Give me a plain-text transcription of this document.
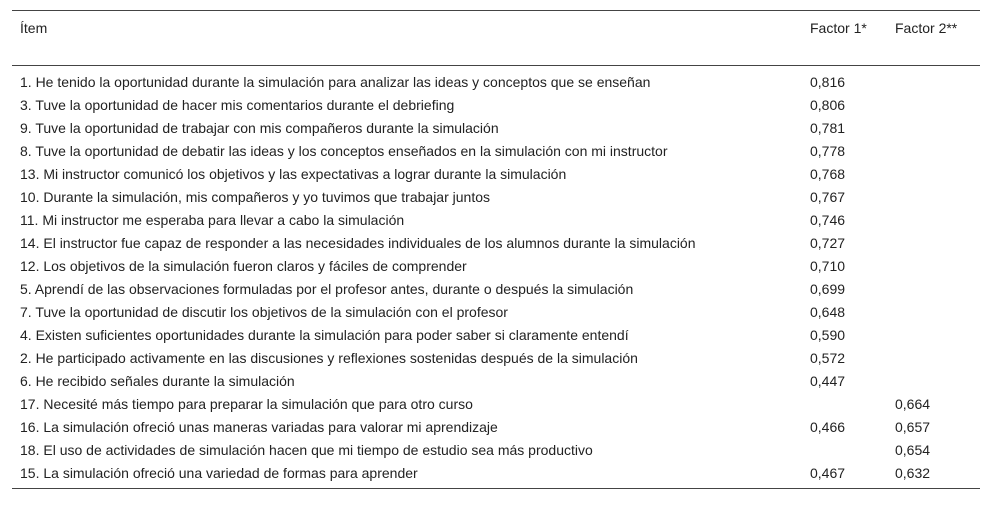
Ítem	Factor 1*	Factor 2**
1. He tenido la oportunidad durante la simulación para analizar las ideas y conceptos que se enseñan	0,816	
3. Tuve la oportunidad de hacer mis comentarios durante el debriefing	0,806	
9. Tuve la oportunidad de trabajar con mis compañeros durante la simulación	0,781	
8. Tuve la oportunidad de debatir las ideas y los conceptos enseñados en la simulación con mi instructor	0,778	
13. Mi instructor comunicó los objetivos y las expectativas a lograr durante la simulación	0,768	
10. Durante la simulación, mis compañeros y yo tuvimos que trabajar juntos	0,767	
11. Mi instructor me esperaba para llevar a cabo la simulación	0,746	
14. El instructor fue capaz de responder a las necesidades individuales de los alumnos durante la simulación	0,727	
12. Los objetivos de la simulación fueron claros y fáciles de comprender	0,710	
5. Aprendí de las observaciones formuladas por el profesor antes, durante o después la simulación	0,699	
7. Tuve la oportunidad de discutir los objetivos de la simulación con el profesor	0,648	
4. Existen suficientes oportunidades durante la simulación para poder saber si claramente entendí	0,590	
2. He participado activamente en las discusiones y reflexiones sostenidas después de la simulación	0,572	
6. He recibido señales durante la simulación	0,447	
17. Necesité más tiempo para preparar la simulación que para otro curso		0,664
16. La simulación ofreció unas maneras variadas para valorar mi aprendizaje	0,466	0,657
18. El uso de actividades de simulación hacen que mi tiempo de estudio sea más productivo		0,654
15. La simulación ofreció una variedad de formas para aprender	0,467	0,632
